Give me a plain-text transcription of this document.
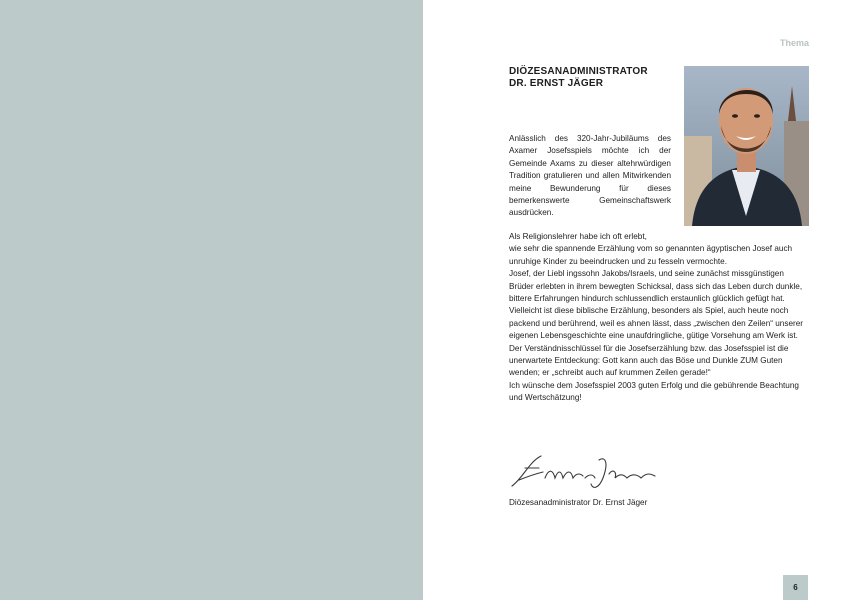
Thema
DIÖZESANADMINISTRATOR
DR. ERNST JÄGER
Anlässlich des 320-Jahr-Jubiläums des Axamer Josefsspiels möchte ich der Gemeinde Axams zu dieser altehrwürdigen Tradition gratulieren und allen Mitwirkenden meine Bewunderung für dieses bemerkenswerte Gemeinschaftswerk ausdrücken.

Als Religionslehrer habe ich oft erlebt,

wie sehr die spannende Erzählung vom so genannten ägyptischen Josef auch unruhige Kinder zu beeindrucken und zu fesseln vermochte.

Josef, der Liebl ingssohn Jakobs/Israels, und seine zunächst missgünstigen Brüder erlebten in ihrem bewegten Schicksal, dass sich das Leben durch dunkle, bittere Erfahrungen hindurch schlussendlich erstaunlich glücklich gefügt hat. Vielleicht ist diese biblische Erzählung, besonders als Spiel, auch heute noch packend und berührend, weil es ahnen lässt, dass „zwischen den Zeilen“ unserer eigenen Lebensgeschichte eine unaufdringliche, gütige Vorsehung am Werk ist.

Der Verständnisschlüssel für die Josefserzählung bzw. das Josefsspiel ist die unerwartete Entdeckung: Gott kann auch das Böse und Dunkle ZUM Guten wenden; er „schreibt auch auf krummen Zeilen gerade!“

Ich wünsche dem Josefsspiel 2003 guten Erfolg und die gebührende Beachtung und Wertschätzung!

Diözesanadministrator Dr. Ernst Jäger
6
